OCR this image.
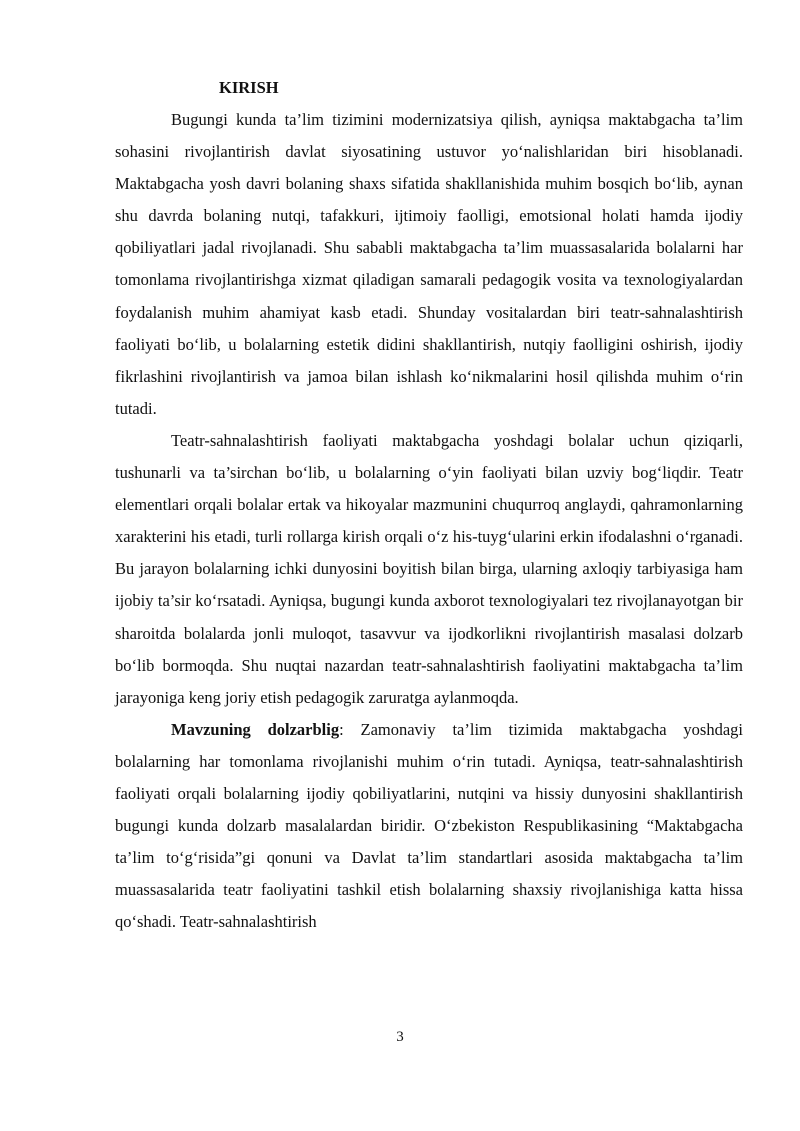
KIRISH

Bugungi kunda ta’lim tizimini modernizatsiya qilish, ayniqsa maktabgacha ta’lim sohasini rivojlantirish davlat siyosatining ustuvor yo‘nalishlaridan biri hisoblanadi. Maktabgacha yosh davri bolaning shaxs sifatida shakllanishida muhim bosqich bo‘lib, aynan shu davrda bolaning nutqi, tafakkuri, ijtimoiy faolligi, emotsional holati hamda ijodiy qobiliyatlari jadal rivojlanadi. Shu sababli maktabgacha ta’lim muassasalarida bolalarni har tomonlama rivojlantirishga xizmat qiladigan samarali pedagogik vosita va texnologiyalardan foydalanish muhim ahamiyat kasb etadi. Shunday vositalardan biri teatr-sahnalashtirish faoliyati bo‘lib, u bolalarning estetik didini shakllantirish, nutqiy faolligini oshirish, ijodiy fikrlashini rivojlantirish va jamoa bilan ishlash ko‘nikmalarini hosil qilishda muhim o‘rin tutadi.

Teatr-sahnalashtirish faoliyati maktabgacha yoshdagi bolalar uchun qiziqarli, tushunarli va ta’sirchan bo‘lib, u bolalarning o‘yin faoliyati bilan uzviy bog‘liqdir. Teatr elementlari orqali bolalar ertak va hikoyalar mazmunini chuqurroq anglaydi, qahramonlarning xarakterini his etadi, turli rollarga kirish orqali o‘z his-tuyg‘ularini erkin ifodalashni o‘rganadi. Bu jarayon bolalarning ichki dunyosini boyitish bilan birga, ularning axloqiy tarbiyasiga ham ijobiy ta’sir ko‘rsatadi. Ayniqsa, bugungi kunda axborot texnologiyalari tez rivojlanayotgan bir sharoitda bolalarda jonli muloqot, tasavvur va ijodkorlikni rivojlantirish masalasi dolzarb bo‘lib bormoqda. Shu nuqtai nazardan teatr-sahnalashtirish faoliyatini maktabgacha ta’lim jarayoniga keng joriy etish pedagogik zaruratga aylanmoqda.

Mavzuning dolzarblig: Zamonaviy ta’lim tizimida maktabgacha yoshdagi bolalarning har tomonlama rivojlanishi muhim o‘rin tutadi. Ayniqsa, teatr-sahnalashtirish faoliyati orqali bolalarning ijodiy qobiliyatlarini, nutqini va hissiy dunyosini shakllantirish bugungi kunda dolzarb masalalardan biridir. O‘zbekiston Respublikasining “Maktabgacha ta’lim to‘g‘risida”gi qonuni va Davlat ta’lim standartlari asosida maktabgacha ta’lim muassasalarida teatr faoliyatini tashkil etish bolalarning shaxsiy rivojlanishiga katta hissa qo‘shadi. Teatr-sahnalashtirish

3
